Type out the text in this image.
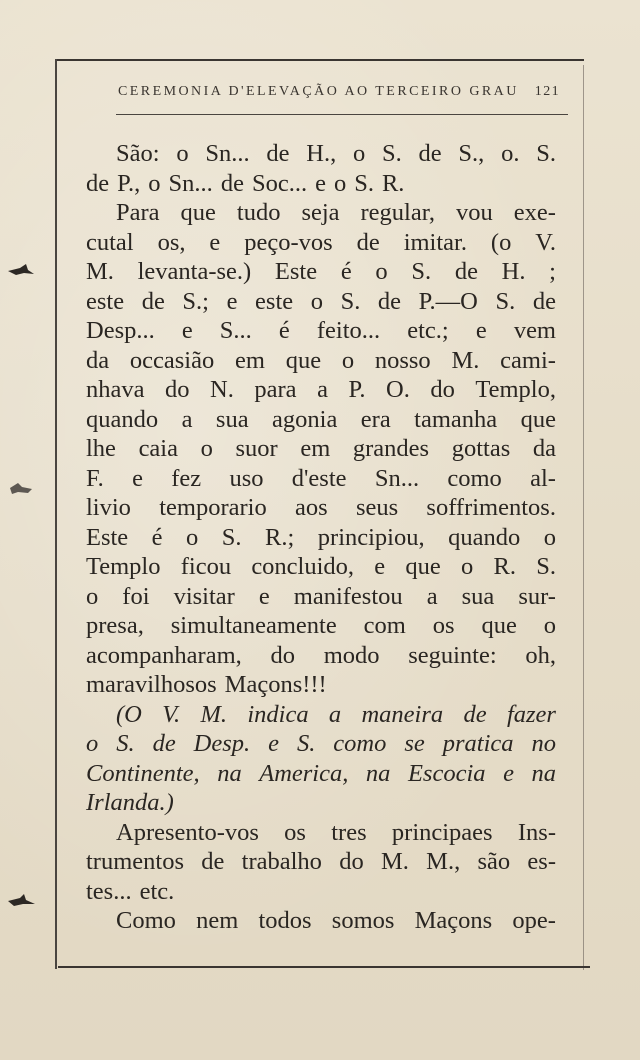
CEREMONIA D'ELEVAÇÃO AO TERCEIRO GRAU 121
São: o Sn... de H., o S. de S., o. S.
de P., o Sn... de Soc... e o S. R.
Para que tudo seja regular, vou exe-
cutal os, e peço-vos de imitar. (o V.
M. levanta-se.) Este é o S. de H. ;
este de S.; e este o S. de P.—O S. de
Desp... e S... é feito... etc.; e vem
da occasião em que o nosso M. cami-
nhava do N. para a P. O. do Templo,
quando a sua agonia era tamanha que
lhe caia o suor em grandes gottas da
F. e fez uso d'este Sn... como al-
livio temporario aos seus soffrimentos.
Este é o S. R.; principiou, quando o
Templo ficou concluido, e que o R. S.
o foi visitar e manifestou a sua sur-
presa, simultaneamente com os que o
acompanharam, do modo seguinte: oh,
maravilhosos Maçons!!!
(O V. M. indica a maneira de fazer
o S. de Desp. e S. como se pratica no
Continente, na America, na Escocia e na
Irlanda.)
Apresento-vos os tres principaes Ins-
trumentos de trabalho do M. M., são es-
tes... etc.
Como nem todos somos Maçons ope-
